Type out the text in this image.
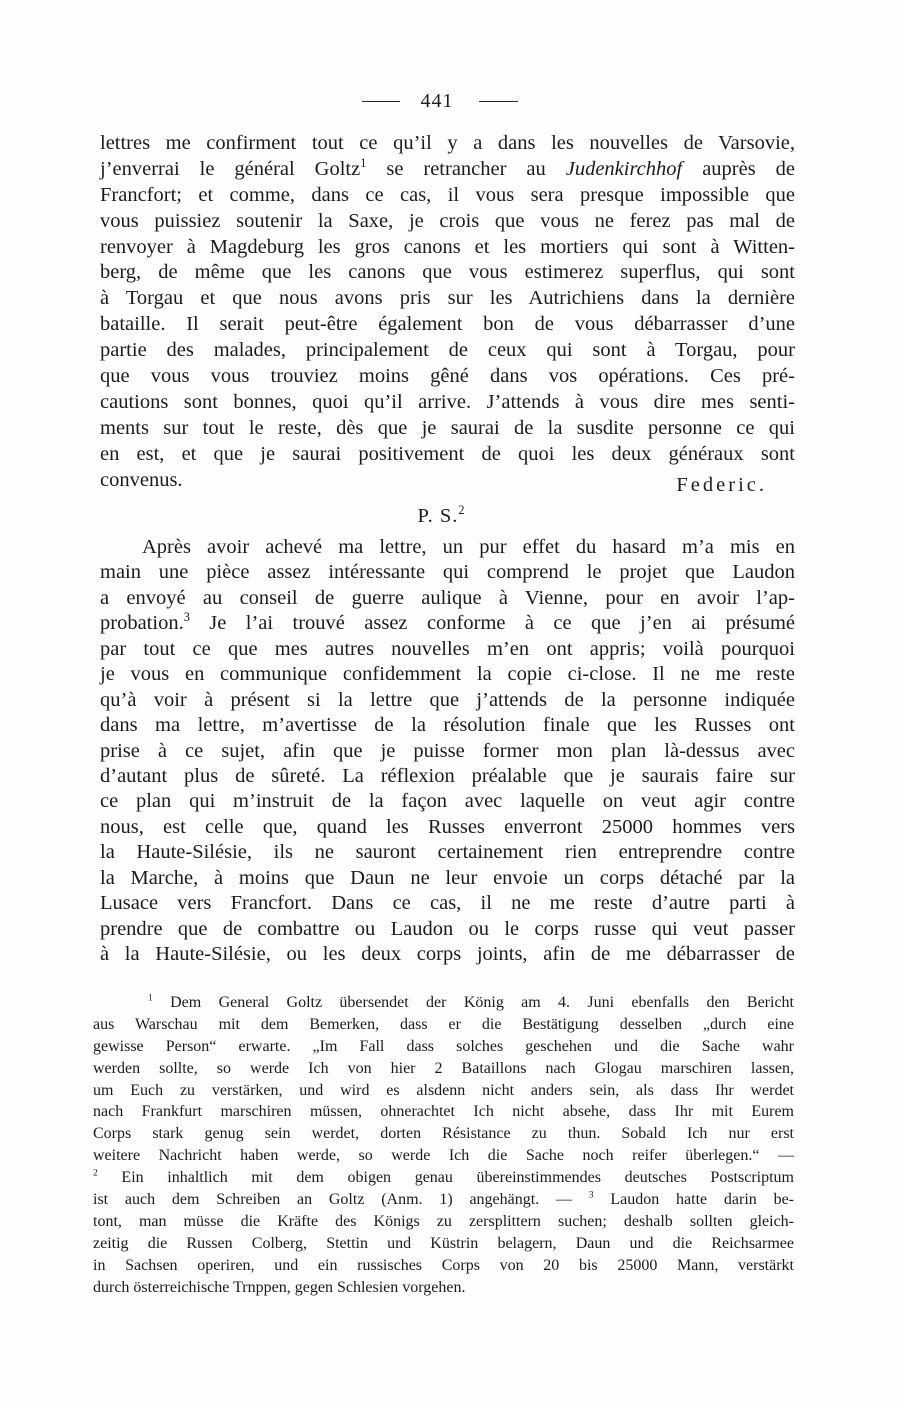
441
lettres me confirment tout ce qu’il y a dans les nouvelles de Varsovie,
j’enverrai le général Goltz$^1$ se retrancher au Judenkirchhof auprès de
Francfort; et comme, dans ce cas, il vous sera presque impossible que
vous puissiez soutenir la Saxe, je crois que vous ne ferez pas mal de
renvoyer à Magdeburg les gros canons et les mortiers qui sont à Witten-
berg, de même que les canons que vous estimerez superflus, qui sont
à Torgau et que nous avons pris sur les Autrichiens dans la dernière
bataille. Il serait peut-être également bon de vous débarrasser d’une
partie des malades, principalement de ceux qui sont à Torgau, pour
que vous vous trouviez moins gêné dans vos opérations. Ces pré-
cautions sont bonnes, quoi qu’il arrive. J’attends à vous dire mes senti-
ments sur tout le reste, dès que je saurai de la susdite personne ce qui
en est, et que je saurai positivement de quoi les deux généraux sont
convenus.	Federic.
P. S.$^2$
Après avoir achevé ma lettre, un pur effet du hasard m’a mis en
main une pièce assez intéressante qui comprend le projet que Laudon
a envoyé au conseil de guerre aulique à Vienne, pour en avoir l’ap-
probation.$^3$ Je l’ai trouvé assez conforme à ce que j’en ai présumé
par tout ce que mes autres nouvelles m’en ont appris; voilà pourquoi
je vous en communique confidemment la copie ci-close. Il ne me reste
qu’à voir à présent si la lettre que j’attends de la personne indiquée
dans ma lettre, m’avertisse de la résolution finale que les Russes ont
prise à ce sujet, afin que je puisse former mon plan là-dessus avec
d’autant plus de sûreté. La réflexion préalable que je saurais faire sur
ce plan qui m’instruit de la façon avec laquelle on veut agir contre
nous, est celle que, quand les Russes enverront 25000 hommes vers
la Haute-Silésie, ils ne sauront certainement rien entreprendre contre
la Marche, à moins que Daun ne leur envoie un corps détaché par la
Lusace vers Francfort. Dans ce cas, il ne me reste d’autre parti à
prendre que de combattre ou Laudon ou le corps russe qui veut passer
à la Haute-Silésie, ou les deux corps joints, afin de me débarrasser de
$^1$ Dem General Goltz übersendet der König am 4. Juni ebenfalls den Bericht
aus Warschau mit dem Bemerken, dass er die Bestätigung desselben „durch eine
gewisse Person“ erwarte. „Im Fall dass solches geschehen und die Sache wahr
werden sollte, so werde Ich von hier 2 Bataillons nach Glogau marschiren lassen,
um Euch zu verstärken, und wird es alsdenn nicht anders sein, als dass Ihr werdet
nach Frankfurt marschiren müssen, ohnerachtet Ich nicht absehe, dass Ihr mit Eurem
Corps stark genug sein werdet, dorten Résistance zu thun. Sobald Ich nur erst
weitere Nachricht haben werde, so werde Ich die Sache noch reifer überlegen.“ —
$^2$ Ein inhaltlich mit dem obigen genau übereinstimmendes deutsches Postscriptum
ist auch dem Schreiben an Goltz (Anm. 1) angehängt. — $^3$ Laudon hatte darin be-
tont, man müsse die Kräfte des Königs zu zersplittern suchen; deshalb sollten gleich-
zeitig die Russen Colberg, Stettin und Küstrin belagern, Daun und die Reichsarmee
in Sachsen operiren, und ein russisches Corps von 20 bis 25000 Mann, verstärkt
durch österreichische Trnppen, gegen Schlesien vorgehen.
